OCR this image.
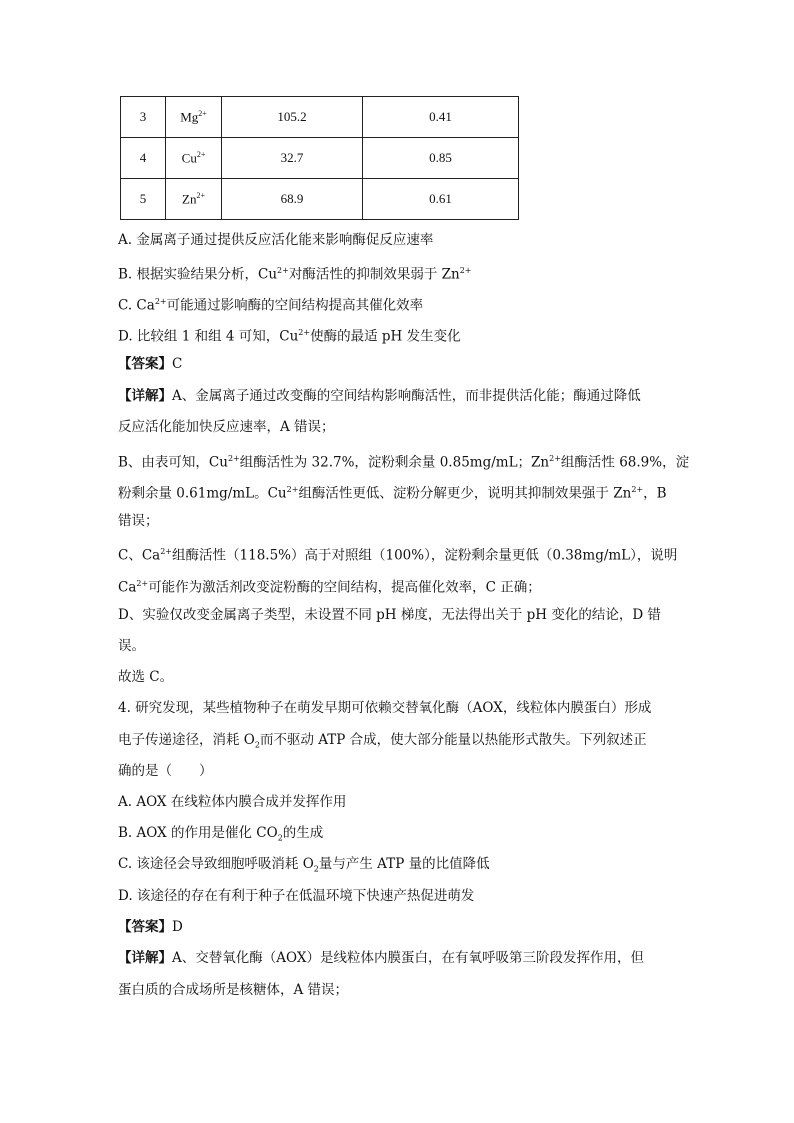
3	$Mg^{2+}$	105.2	0.41
4	$Cu^{2+}$	32.7	0.85
5	$Zn^{2+}$	68.9	0.61
A. 金属离子通过提供反应活化能来影响酶促反应速率
B. 根据实验结果分析，$Cu^{2+}$对酶活性的抑制效果弱于 $Zn^{2+}$
C. $Ca^{2+}$可能通过影响酶的空间结构提高其催化效率
D. 比较组 1 和组 4 可知，$Cu^{2+}$使酶的最适 pH 发生变化
【答案】C
【详解】A、金属离子通过改变酶的空间结构影响酶活性，而非提供活化能；酶通过降低
反应活化能加快反应速率，A 错误；
B、由表可知，$Cu^{2+}$组酶活性为 32.7%，淀粉剩余量 0.85mg/mL；$Zn^{2+}$组酶活性 68.9%，淀
粉剩余量 0.61mg/mL。$Cu^{2+}$组酶活性更低、淀粉分解更少，说明其抑制效果强于 $Zn^{2+}$，B
错误；
C、$Ca^{2+}$组酶活性（118.5%）高于对照组（100%），淀粉剩余量更低（0.38mg/mL），说明
$Ca^{2+}$可能作为激活剂改变淀粉酶的空间结构，提高催化效率，C 正确；
D、实验仅改变金属离子类型，未设置不同 pH 梯度，无法得出关于 pH 变化的结论，D 错
误。
故选 C。
4. 研究发现，某些植物种子在萌发早期可依赖交替氧化酶（AOX，线粒体内膜蛋白）形成
电子传递途径，消耗 $O_2$而不驱动 ATP 合成，使大部分能量以热能形式散失。下列叙述正
确的是（　　）
A. AOX 在线粒体内膜合成并发挥作用
B. AOX 的作用是催化 $CO_2$的生成
C. 该途径会导致细胞呼吸消耗 $O_2$量与产生 ATP 量的比值降低
D. 该途径的存在有利于种子在低温环境下快速产热促进萌发
【答案】D
【详解】A、交替氧化酶（AOX）是线粒体内膜蛋白，在有氧呼吸第三阶段发挥作用，但
蛋白质的合成场所是核糖体，A 错误；
